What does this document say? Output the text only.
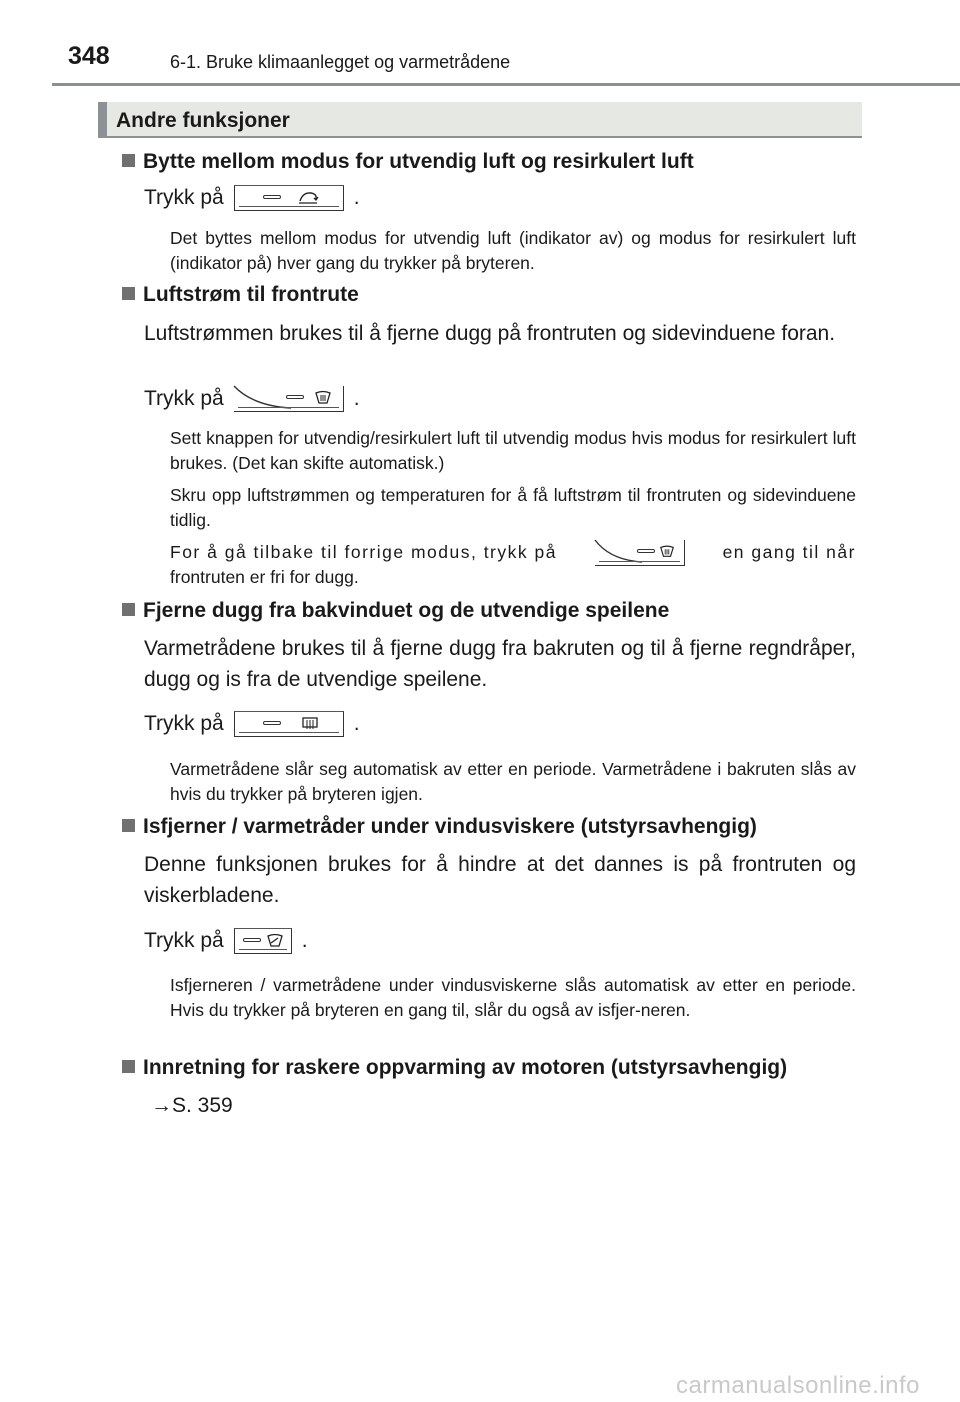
348	6-1. Bruke klimaanlegget og varmetrådene
Andre funksjoner
Bytte mellom modus for utvendig luft og resirkulert luft
Trykk på	.
Det byttes mellom modus for utvendig luft (indikator av) og modus for resirkulert luft (indikator på) hver gang du trykker på bryteren.
Luftstrøm til frontrute
Luftstrømmen brukes til å fjerne dugg på frontruten og sidevinduene foran.
Trykk på	.
Sett knappen for utvendig/resirkulert luft til utvendig modus hvis modus for resirkulert luft brukes. (Det kan skifte automatisk.)
Skru opp luftstrømmen og temperaturen for å få luftstrøm til frontruten og sidevinduene tidlig.
For å gå tilbake til forrige modus, trykk på	en gang til når
frontruten er fri for dugg.
Fjerne dugg fra bakvinduet og de utvendige speilene
Varmetrådene brukes til å fjerne dugg fra bakruten og til å fjerne regndråper, dugg og is fra de utvendige speilene.
Trykk på	.
Varmetrådene slår seg automatisk av etter en periode. Varmetrådene i bakruten slås av hvis du trykker på bryteren igjen.
Isfjerner / varmetråder under vindusviskere (utstyrsavhengig)
Denne funksjonen brukes for å hindre at det dannes is på frontruten og viskerbladene.
Trykk på	.
Isfjerneren / varmetrådene under vindusviskerne slås automatisk av etter en periode. Hvis du trykker på bryteren en gang til, slår du også av isfjer-neren.
Innretning for raskere oppvarming av motoren (utstyrsavhengig)
→S. 359
carmanualsonline.info
